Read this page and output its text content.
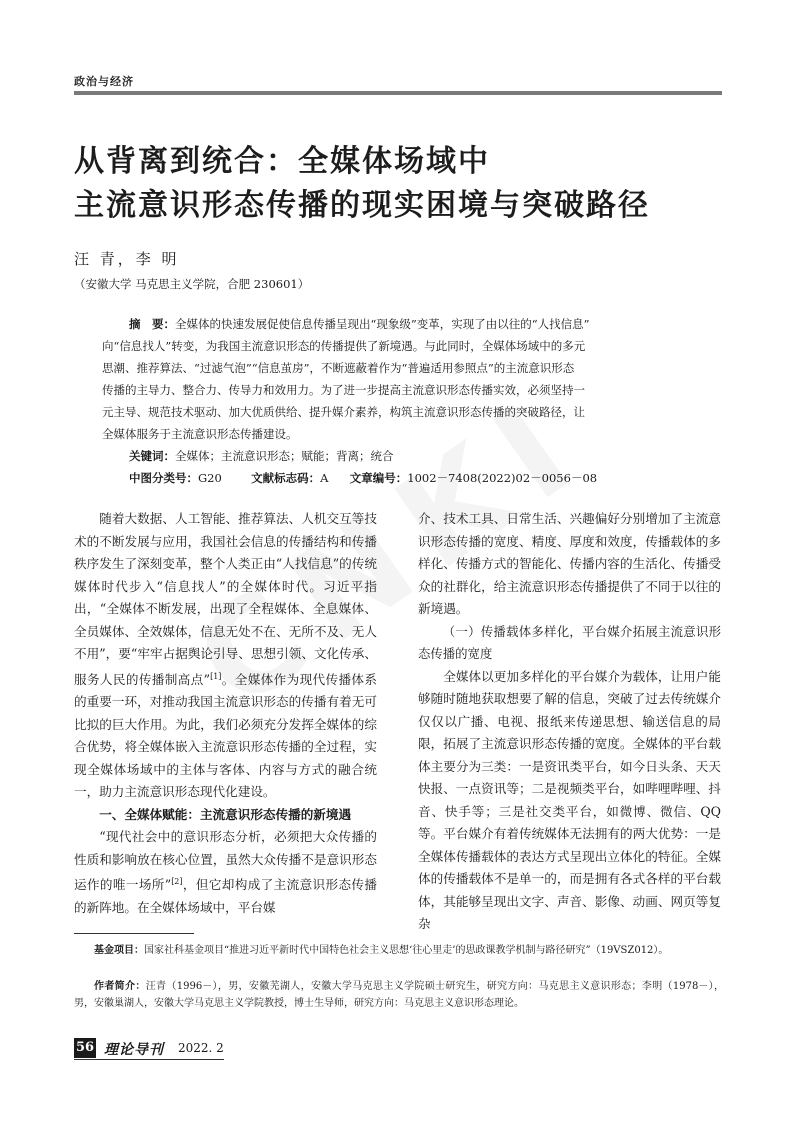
政治与经济
从背离到统合：全媒体场域中
主流意识形态传播的现实困境与突破路径
汪 青，李 明
（安徽大学 马克思主义学院，合肥 230601）
摘　要：全媒体的快速发展促使信息传播呈现出“现象级”变革，实现了由以往的“人找信息”
向“信息找人”转变，为我国主流意识形态的传播提供了新境遇。与此同时，全媒体场域中的多元
思潮、推荐算法、“过滤气泡”“信息茧房”，不断遮蔽着作为“普遍适用参照点”的主流意识形态
传播的主导力、整合力、传导力和效用力。为了进一步提高主流意识形态传播实效，必须坚持一
元主导、规范技术驱动、加大优质供给、提升媒介素养，构筑主流意识形态传播的突破路径，让
全媒体服务于主流意识形态传播建设。
关键词：全媒体；主流意识形态；赋能；背离；统合
中图分类号：G20	文献标志码：A 文章编号：1002－7408(2022)02－0056－08

随着大数据、人工智能、推荐算法、人机交互等技术的不断发展与应用，我国社会信息的传播结构和传播秩序发生了深刻变革，整个人类正由“人找信息”的传统媒体时代步入“信息找人”的全媒体时代。习近平指出，“全媒体不断发展，出现了全程媒体、全息媒体、全员媒体、全效媒体，信息无处不在、无所不及、无人不用”，要“牢牢占据舆论引导、思想引领、文化传承、服务人民的传播制高点”[1]。全媒体作为现代传播体系的重要一环，对推动我国主流意识形态的传播有着无可比拟的巨大作用。为此，我们必须充分发挥全媒体的综合优势，将全媒体嵌入主流意识形态传播的全过程，实现全媒体场域中的主体与客体、内容与方式的融合统一，助力主流意识形态现代化建设。

一、全媒体赋能：主流意识形态传播的新境遇

“现代社会中的意识形态分析，必须把大众传播的性质和影响放在核心位置，虽然大众传播不是意识形态运作的唯一场所”[2]，但它却构成了主流意识形态传播的新阵地。在全媒体场域中，平台媒

介、技术工具、日常生活、兴趣偏好分别增加了主流意识形态传播的宽度、精度、厚度和效度，传播载体的多样化、传播方式的智能化、传播内容的生活化、传播受众的社群化，给主流意识形态传播提供了不同于以往的新境遇。

（一）传播载体多样化，平台媒介拓展主流意识形态传播的宽度

全媒体以更加多样化的平台媒介为载体，让用户能够随时随地获取想要了解的信息，突破了过去传统媒介仅仅以广播、电视、报纸来传递思想、输送信息的局限，拓展了主流意识形态传播的宽度。全媒体的平台载体主要分为三类：一是资讯类平台，如今日头条、天天快报、一点资讯等；二是视频类平台，如哔哩哔哩、抖音、快手等；三是社交类平台，如微博、微信、QQ 等。平台媒介有着传统媒体无法拥有的两大优势：一是全媒体传播载体的表达方式呈现出立体化的特征。全媒体的传播载体不是单一的，而是拥有各式各样的平台载体，其能够呈现出文字、声音、影像、动画、网页等复杂

基金项目：国家社科基金项目“推进习近平新时代中国特色社会主义思想‘往心里走’的思政课教学机制与路径研究”（19VSZ012）。
作者简介：汪青（1996－），男，安徽芜湖人，安徽大学马克思主义学院硕士研究生，研究方向：马克思主义意识形态；李明（1978－），男，安徽巢湖人，安徽大学马克思主义学院教授，博士生导师，研究方向：马克思主义意识形态理论。
56 理论导刊 2022. 2
